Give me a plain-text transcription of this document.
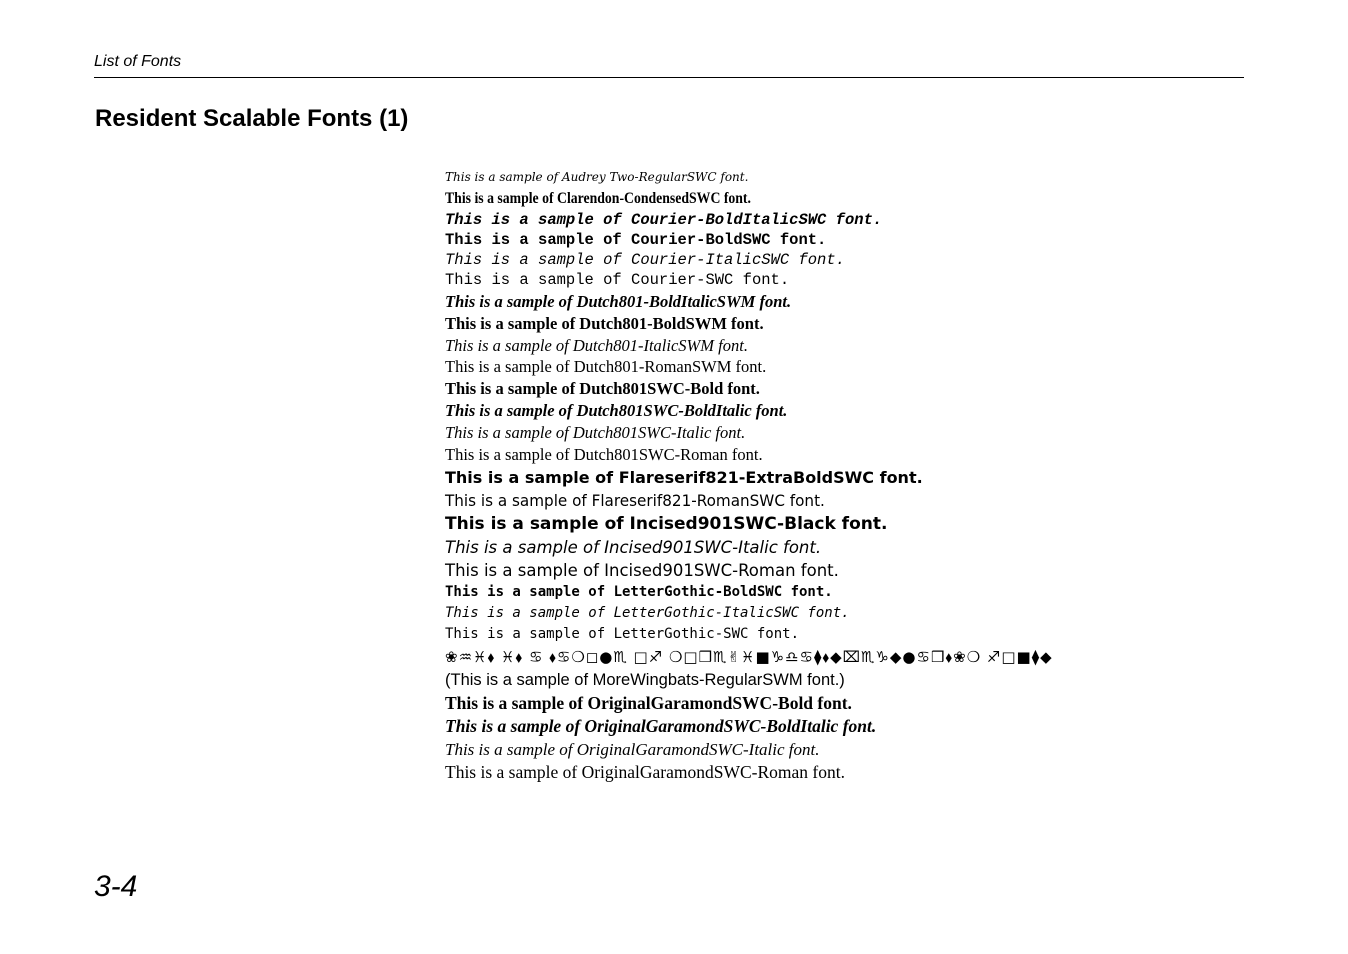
List of Fonts
Resident Scalable Fonts (1)
This is a sample of Audrey Two-RegularSWC font.
This is a sample of Clarendon-CondensedSWC font.
This is a sample of Courier-BoldItalicSWC font.
This is a sample of Courier-BoldSWC font.
This is a sample of Courier-ItalicSWC font.
This is a sample of Courier-SWC font.
This is a sample of Dutch801-BoldItalicSWM font.
This is a sample of Dutch801-BoldSWM font.
This is a sample of Dutch801-ItalicSWM font.
This is a sample of Dutch801-RomanSWM font.
This is a sample of Dutch801SWC-Bold font.
This is a sample of Dutch801SWC-BoldItalic font.
This is a sample of Dutch801SWC-Italic font.
This is a sample of Dutch801SWC-Roman font.
This is a sample of Flareserif821-ExtraBoldSWC font.
This is a sample of Flareserif821-RomanSWC font.
This is a sample of Incised901SWC-Black font.
This is a sample of Incised901SWC-Italic font.
This is a sample of Incised901SWC-Roman font.
This is a sample of LetterGothic-BoldSWC font.
This is a sample of LetterGothic-ItalicSWC font.
This is a sample of LetterGothic-SWC font.
❀♒♓⬧ ♓⬧ ♋ ⬧♋❍◻●♏ □♐ ❍□❒♏✌♓■♑♎♋⧫⬧◆⌧♏♑◆●♋❒⬧❀❍ ♐□■⧫◆
(This is a sample of MoreWingbats-RegularSWM font.)
This is a sample of OriginalGaramondSWC-Bold font.
This is a sample of OriginalGaramondSWC-BoldItalic font.
This is a sample of OriginalGaramondSWC-Italic font.
This is a sample of OriginalGaramondSWC-Roman font.
3-4
